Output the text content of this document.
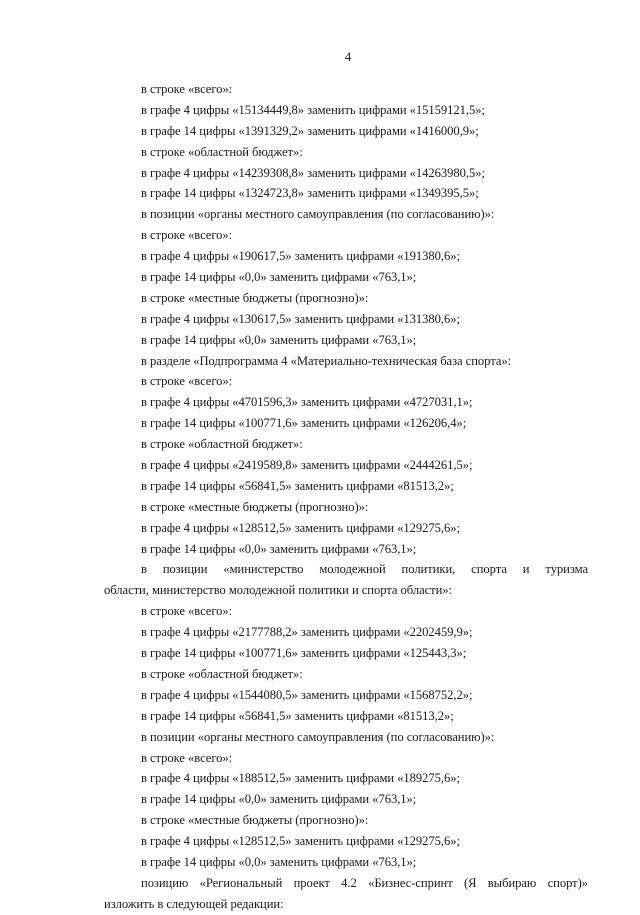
4
в строке «всего»:
в графе 4 цифры «15134449,8» заменить цифрами «15159121,5»;
в графе 14 цифры «1391329,2» заменить цифрами «1416000,9»;
в строке «областной бюджет»:
в графе 4 цифры «14239308,8» заменить цифрами «14263980,5»;
в графе 14 цифры «1324723,8» заменить цифрами «1349395,5»;
в позиции «органы местного самоуправления (по согласованию)»:
в строке «всего»:
в графе 4 цифры «190617,5» заменить цифрами «191380,6»;
в графе 14 цифры «0,0» заменить цифрами «763,1»;
в строке «местные бюджеты (прогнозно)»:
в графе 4 цифры «130617,5» заменить цифрами «131380,6»;
в графе 14 цифры «0,0» заменить цифрами «763,1»;
в разделе «Подпрограмма 4 «Материально-техническая база спорта»:
в строке «всего»:
в графе 4 цифры «4701596,3» заменить цифрами «4727031,1»;
в графе 14 цифры «100771,6» заменить цифрами «126206,4»;
в строке «областной бюджет»:
в графе 4 цифры «2419589,8» заменить цифрами «2444261,5»;
в графе 14 цифры «56841,5» заменить цифрами «81513,2»;
в строке «местные бюджеты (прогнозно)»:
в графе 4 цифры «128512,5» заменить цифрами «129275,6»;
в графе 14 цифры «0,0» заменить цифрами «763,1»;
в позиции «министерство молодежной политики, спорта и туризма
области, министерство молодежной политики и спорта области»:
в строке «всего»:
в графе 4 цифры «2177788,2» заменить цифрами «2202459,9»;
в графе 14 цифры «100771,6» заменить цифрами «125443,3»;
в строке «областной бюджет»:
в графе 4 цифры «1544080,5» заменить цифрами «1568752,2»;
в графе 14 цифры «56841,5» заменить цифрами «81513,2»;
в позиции «органы местного самоуправления (по согласованию)»:
в строке «всего»:
в графе 4 цифры «188512,5» заменить цифрами «189275,6»;
в графе 14 цифры «0,0» заменить цифрами «763,1»;
в строке «местные бюджеты (прогнозно)»:
в графе 4 цифры «128512,5» заменить цифрами «129275,6»;
в графе 14 цифры «0,0» заменить цифрами «763,1»;
позицию «Региональный проект 4.2 «Бизнес-спринт (Я выбираю спорт)»
изложить в следующей редакции:
